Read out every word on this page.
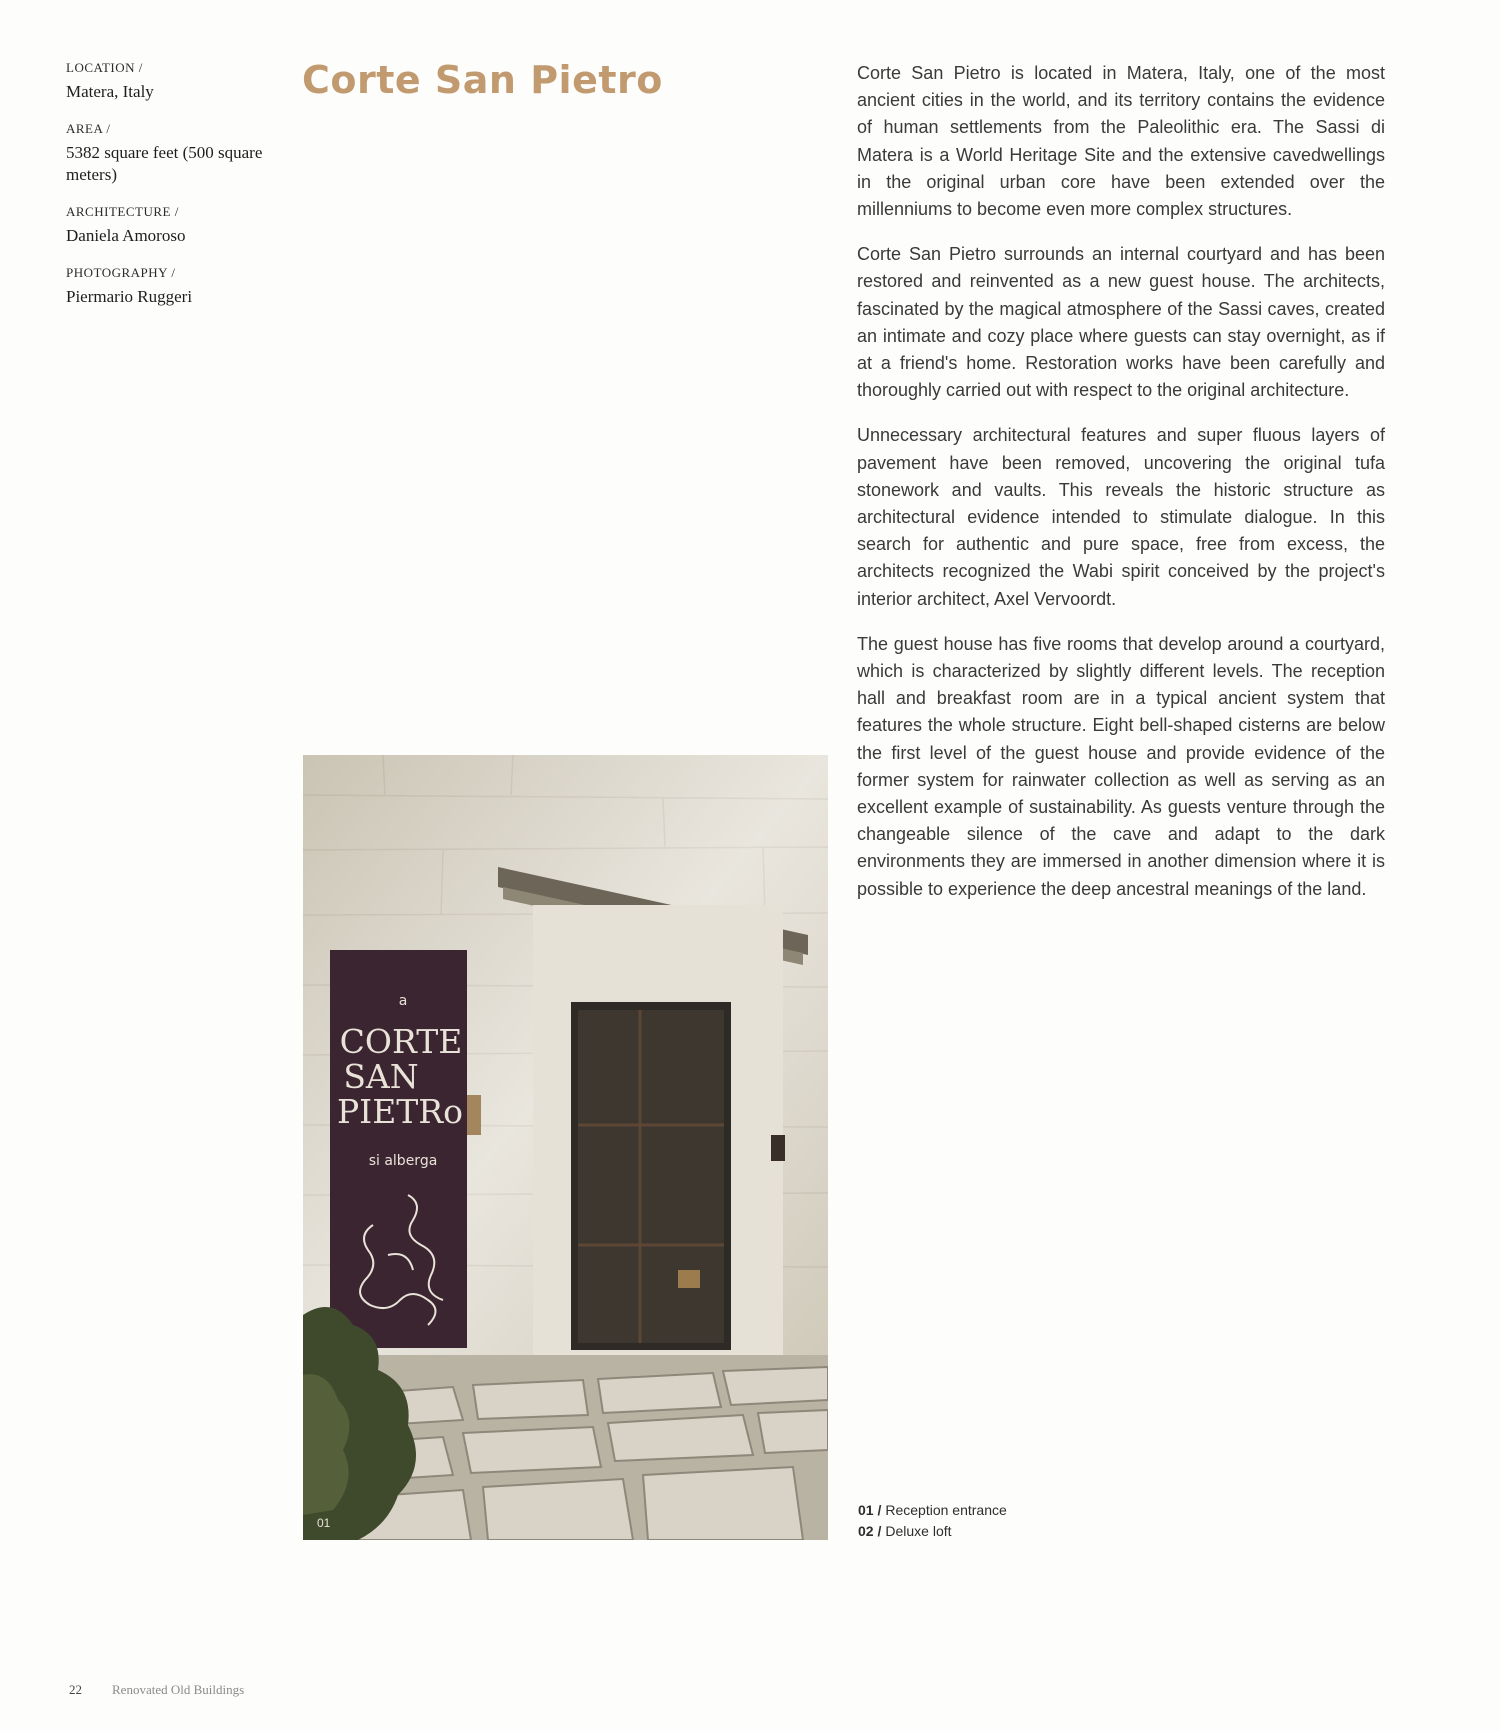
LOCATION /

Matera, Italy

AREA /

5382 square feet (500 square meters)

ARCHITECTURE /

Daniela Amoroso

PHOTOGRAPHY /

Piermario Ruggeri

Corte San Pietro	Corte San Pietro is located in Matera, Italy, one of the most ancient cities in the world, and its territory contains the evidence of human settlements from the Paleolithic era. The Sassi di Matera is a World Heritage Site and the extensive cavedwellings in the original urban core have been extended over the millenniums to become even more complex structures.

Corte San Pietro surrounds an internal courtyard and has been restored and reinvented as a new guest house. The architects, fascinated by the magical atmosphere of the Sassi caves, created an intimate and cozy place where guests can stay overnight, as if at a friend's home. Restoration works have been carefully and thoroughly carried out with respect to the original architecture.

Unnecessary architectural features and super fluous layers of pavement have been removed, uncovering the original tufa stonework and vaults. This reveals the historic structure as architectural evidence intended to stimulate dialogue. In this search for authentic and pure space, free from excess, the architects recognized the Wabi spirit conceived by the project's interior architect, Axel Vervoordt.

The guest house has five rooms that develop around a courtyard, which is characterized by slightly different levels. The reception hall and breakfast room are in a typical ancient system that features the whole structure. Eight bell-shaped cisterns are below the first level of the guest house and provide evidence of the former system for rainwater collection as well as serving as an excellent example of sustainability. As guests venture through the changeable silence of the cave and adapt to the dark environments they are immersed in another dimension where it is possible to experience the deep ancestral meanings of the land.

a
CORTE
SAN
PIETRo
si alberga
01

01 / Reception entrance

02 / Deluxe loft

22 Renovated Old Buildings
